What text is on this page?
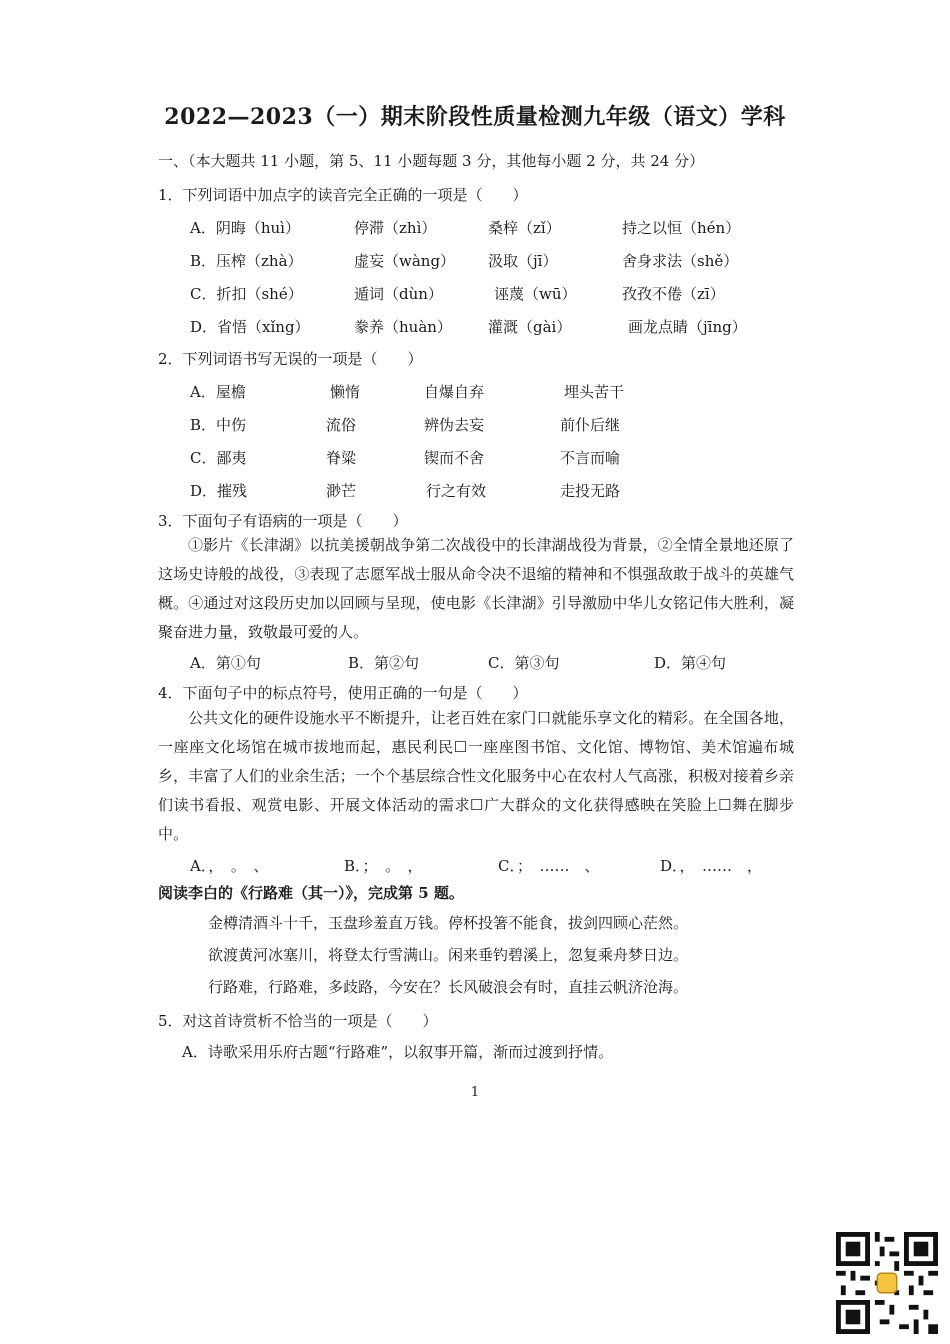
2022—2023（一）期末阶段性质量检测九年级（语文）学科
一、（本大题共 11 小题，第 5、11 小题每题 3 分，其他每小题 2 分，共 24 分）
1．下列词语中加点字的读音完全正确的一项是（　　）
A．阴晦（huì）	停滞（zhì）	桑梓（zǐ）	持之以恒（hén）
B．压榨（zhà）	虚妄（wàng） 汲取（jī）	舍身求法（shě）
C．折扣（shé）	遁词（dùn）	诬蔑（wū）	孜孜不倦（zī）
D．省悟（xǐng）	豢养（huàn） 灌溉（gài）	画龙点睛（jīng）
2．下列词语书写无误的一项是（　　）
A．屋檐	懒惰	自爆自弃	埋头苦干
B．中伤	流俗	辨伪去妄	前仆后继
C．鄙夷	脊粱	锲而不舍	不言而喻
D．摧残	渺芒	行之有效	走投无路
3．下面句子有语病的一项是（　　）
①影片《长津湖》以抗美援朝战争第二次战役中的长津湖战役为背景，②全情全景地还原了这场史诗般的战役，③表现了志愿军战士服从命令决不退缩的精神和不惧强敌敢于战斗的英雄气概。④通过对这段历史加以回顾与呈现，使电影《长津湖》引导激励中华儿女铭记伟大胜利，凝聚奋进力量，致敬最可爱的人。
A．第①句	B．第②句	C．第③句	D．第④句
4．下面句子中的标点符号，使用正确的一句是（　　）
公共文化的硬件设施水平不断提升，让老百姓在家门口就能乐享文化的精彩。在全国各地，一座座文化场馆在城市拔地而起，惠民利民☐一座座图书馆、文化馆、博物馆、美术馆遍布城乡，丰富了人们的业余生活；一个个基层综合性文化服务中心在农村人气高涨，积极对接着乡亲们读书看报、观赏电影、开展文体活动的需求☐广大群众的文化获得感映在笑脸上☐舞在脚步中。
A．，　。　、	B．；　。　，	C．；　……　、	D．，　……　，
阅读李白的《行路难（其一）》，完成第 5 题。
金樽清酒斗十千，玉盘珍羞直万钱。停杯投箸不能食，拔剑四顾心茫然。
欲渡黄河冰塞川，将登太行雪满山。闲来垂钓碧溪上，忽复乘舟梦日边。
行路难，行路难，多歧路，今安在？长风破浪会有时，直挂云帆济沧海。
5．对这首诗赏析不恰当的一项是（　　）
A．诗歌采用乐府古题“行路难”，以叙事开篇，渐而过渡到抒情。
1
